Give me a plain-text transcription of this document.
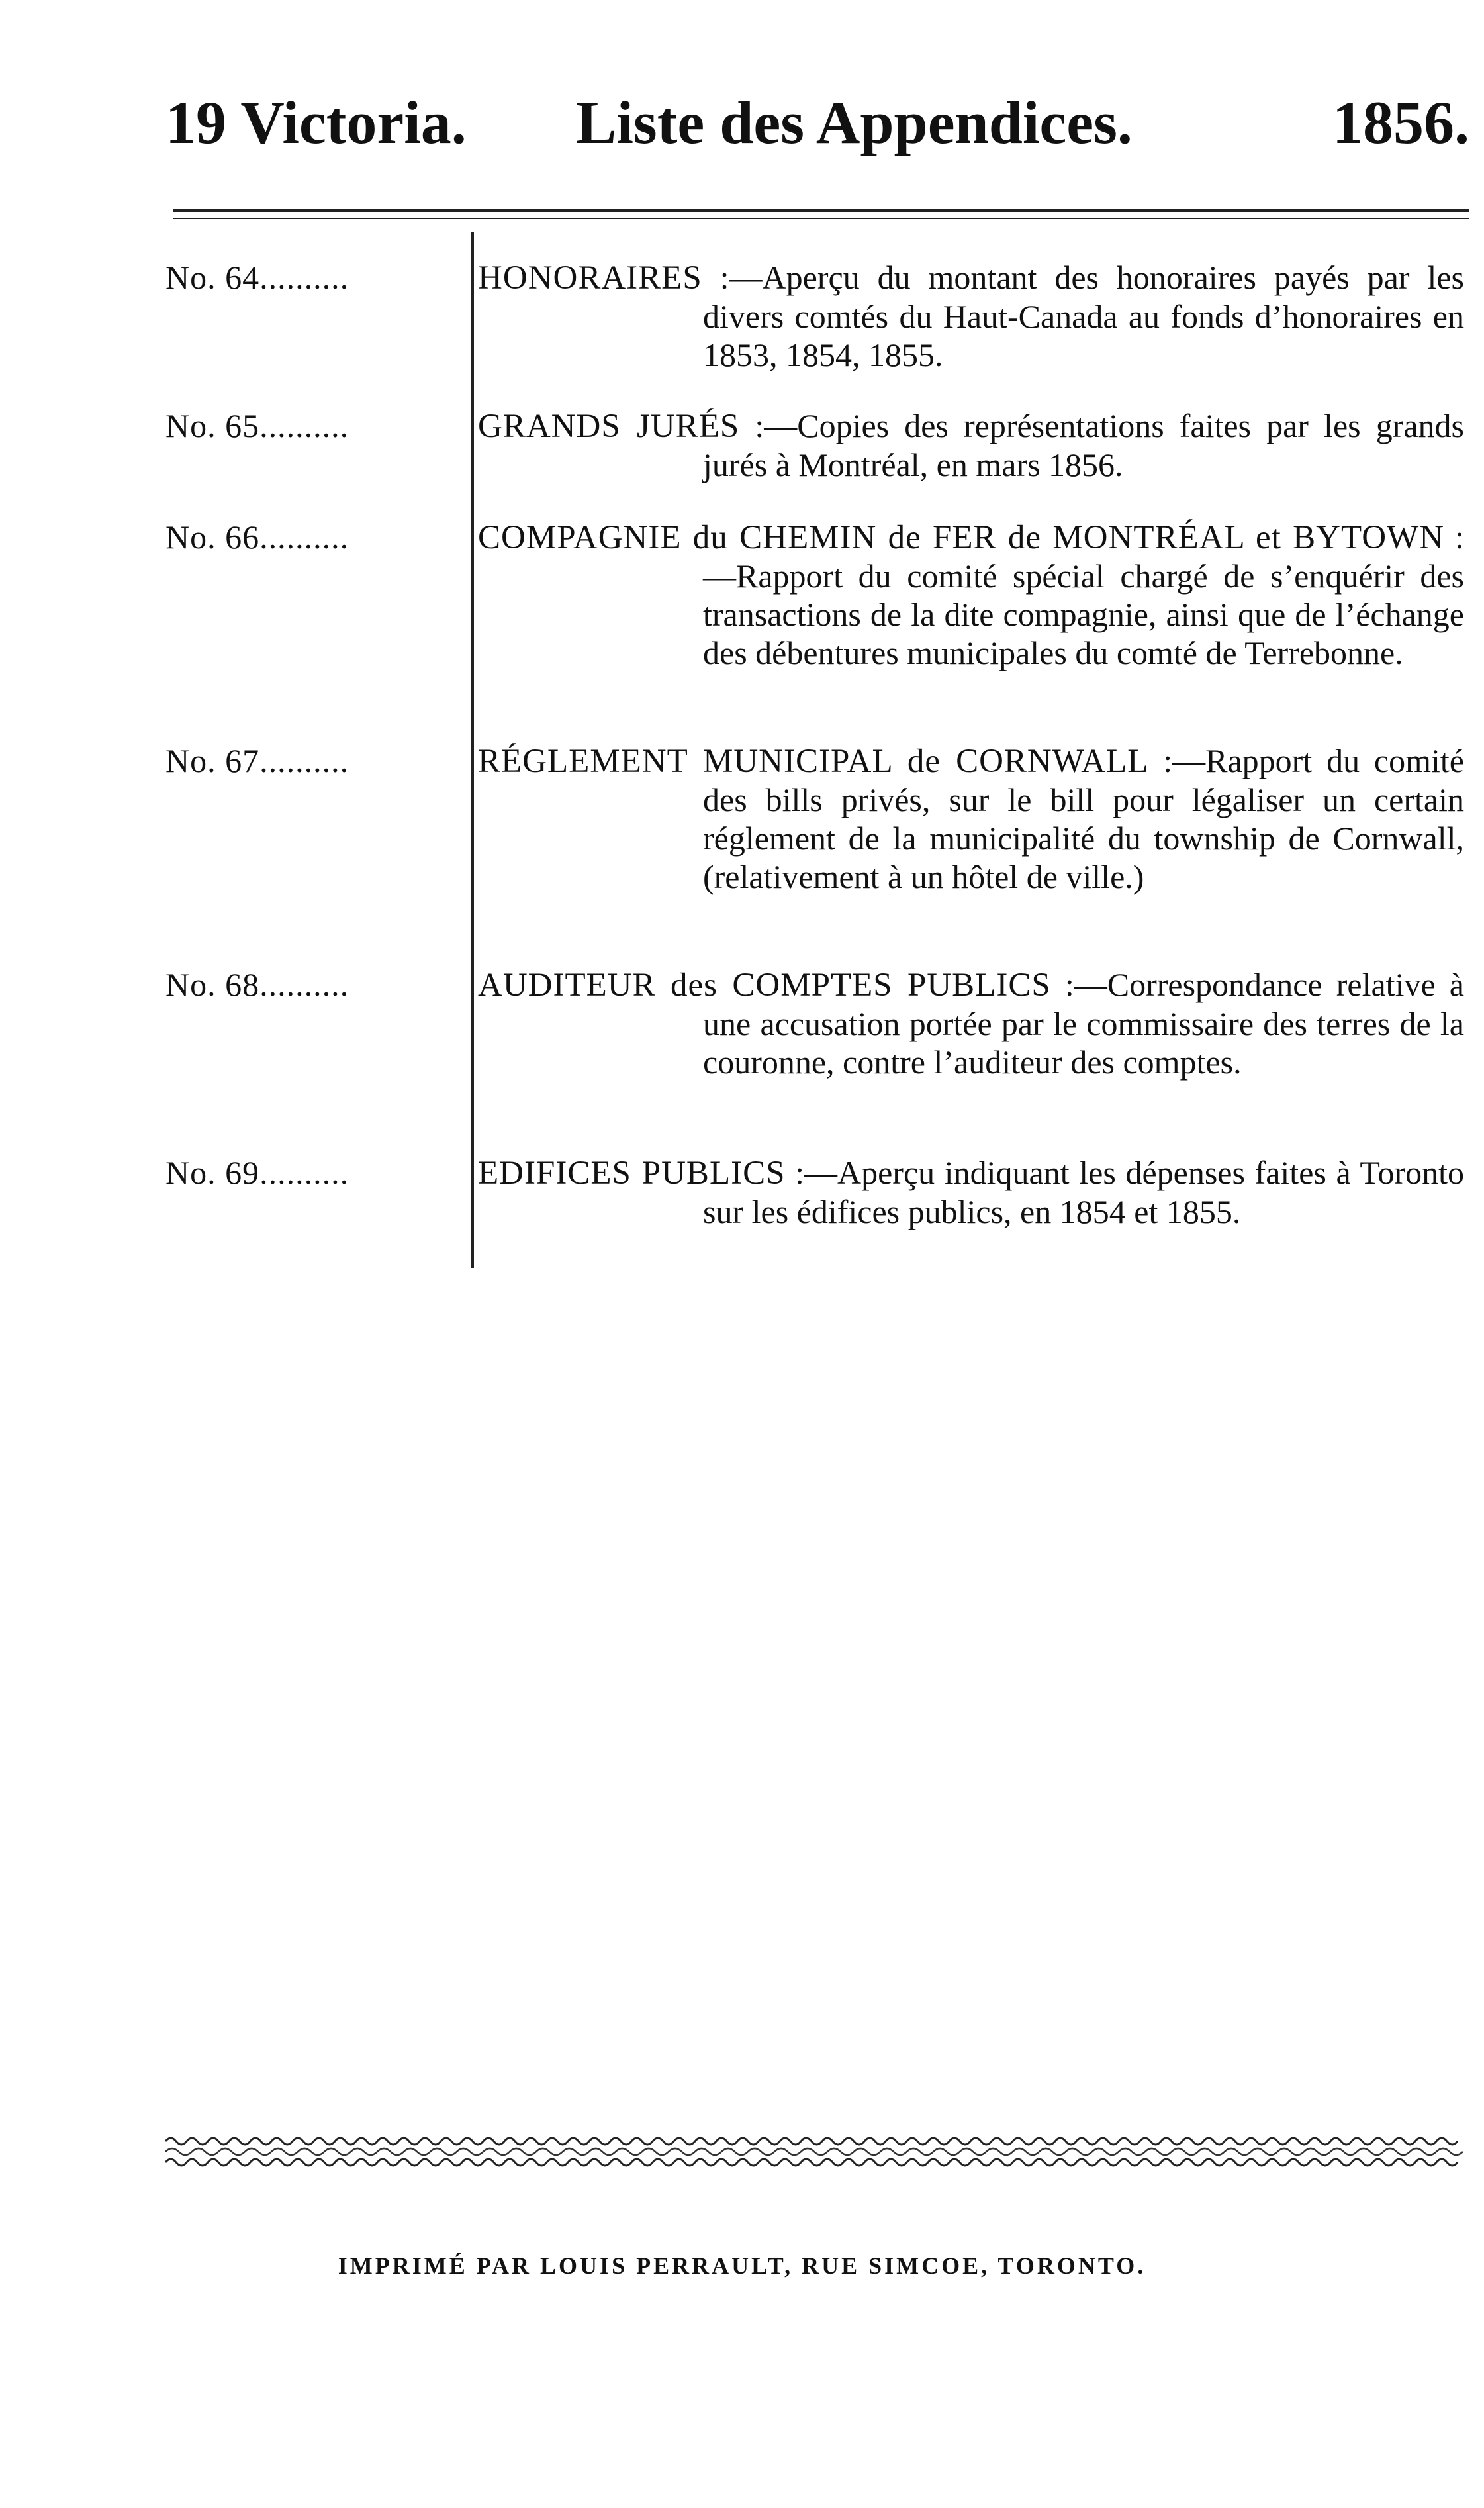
19 Victoria. Liste des Appendices.	1856.
No. 64..........	HONORAIRES :—Aperçu du montant des honoraires payés par les divers comtés du Haut-Canada au fonds d’honoraires en 1853, 1854, 1855.
No. 65..........	GRANDS JURÉS :—Copies des représentations faites par les grands jurés à Montréal, en mars 1856.
No. 66..........	COMPAGNIE du CHEMIN de FER de MONTRÉAL et BYTOWN :—Rapport du comité spécial chargé de s’enquérir des transactions de la dite compagnie, ainsi que de l’échange des débentures municipales du comté de Terrebonne.
No. 67..........	RÉGLEMENT MUNICIPAL de CORNWALL :—Rapport du comité des bills privés, sur le bill pour légaliser un certain réglement de la municipalité du township de Cornwall, (relativement à un hôtel de ville.)
No. 68..........	AUDITEUR des COMPTES PUBLICS :—Correspondance relative à une accusation portée par le commissaire des terres de la couronne, contre l’auditeur des comptes.
No. 69..........	EDIFICES PUBLICS :—Aperçu indiquant les dépenses faites à Toronto sur les édifices publics, en 1854 et 1855.
IMPRIMÉ PAR LOUIS PERRAULT, RUE SIMCOE, TORONTO.
